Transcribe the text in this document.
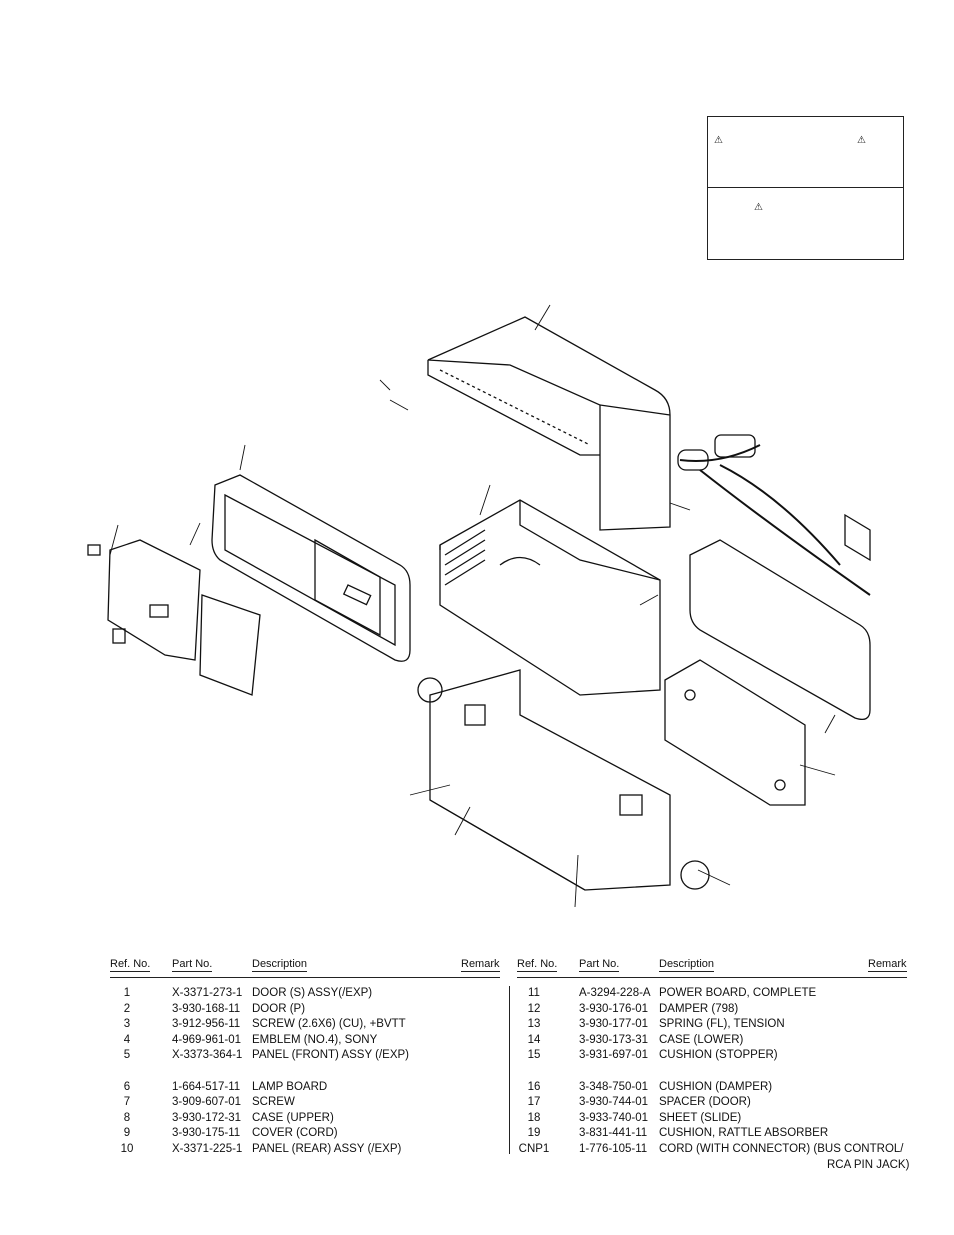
⚠	⚠
⚠
Ref. No. Part No.	Description	Remark Ref. No. Part No.	Description	Remark
1	X-3371-273-1 DOOR (S) ASSY(/EXP)
2	3-930-168-11 DOOR (P)
3	3-912-956-11 SCREW (2.6X6) (CU), +BVTT
4	4-969-961-01 EMBLEM (NO.4), SONY
5	X-3373-364-1 PANEL (FRONT) ASSY (/EXP)
6	1-664-517-11 LAMP BOARD
7	3-909-607-01 SCREW
8	3-930-172-31 CASE (UPPER)
9	3-930-175-11 COVER (CORD)
10	X-3371-225-1 PANEL (REAR) ASSY (/EXP)
11	A-3294-228-A POWER BOARD, COMPLETE
12	3-930-176-01 DAMPER (798)
13	3-930-177-01 SPRING (FL), TENSION
14	3-930-173-31 CASE (LOWER)
15	3-931-697-01 CUSHION (STOPPER)
16	3-348-750-01 CUSHION (DAMPER)
17	3-930-744-01 SPACER (DOOR)
18	3-933-740-01 SHEET (SLIDE)
19	3-831-441-11 CUSHION, RATTLE ABSORBER
CNP1	1-776-105-11 CORD (WITH CONNECTOR) (BUS CONTROL/
RCA PIN JACK)
